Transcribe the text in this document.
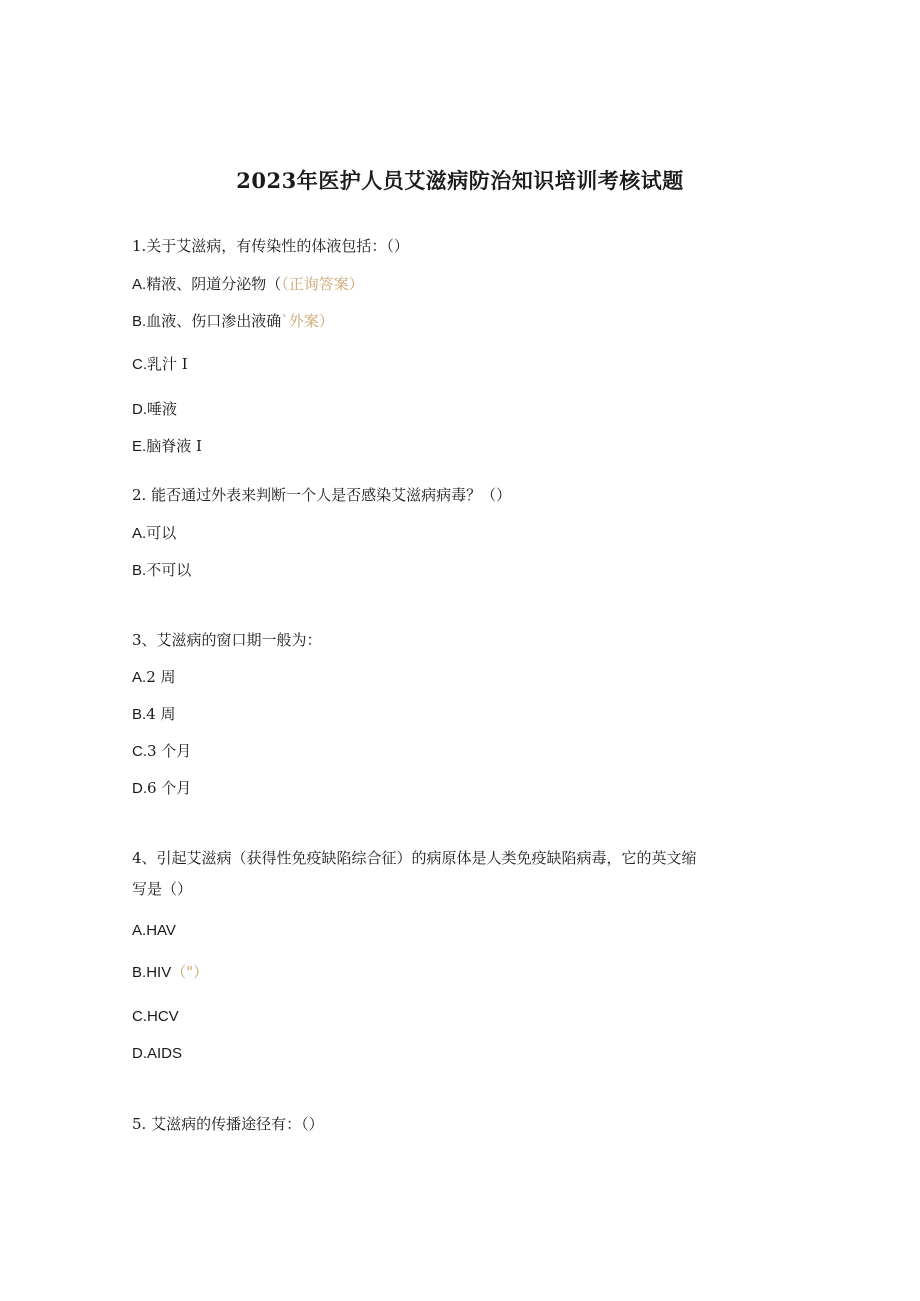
2023年医护人员艾滋病防治知识培训考核试题
1.关于艾滋病，有传染性的体液包括：（）
A.精液、阴道分泌物（（正询答案）
B.血液、伤口渗出液确`外案）
C.乳汁 I
D.唾液
E.脑脊液 I
2. 能否通过外表来判断一个人是否感染艾滋病病毒？（）
A.可以
B.不可以
3、艾滋病的窗口期一般为：
A.2 周
B.4 周
C.3 个月
D.6 个月
4、引起艾滋病（获得性免疫缺陷综合征）的病原体是人类免疫缺陷病毒，它的英文缩
写是（）
A.HAV
B.HIV（"）
C.HCV
D.AIDS
5. 艾滋病的传播途径有：（）
